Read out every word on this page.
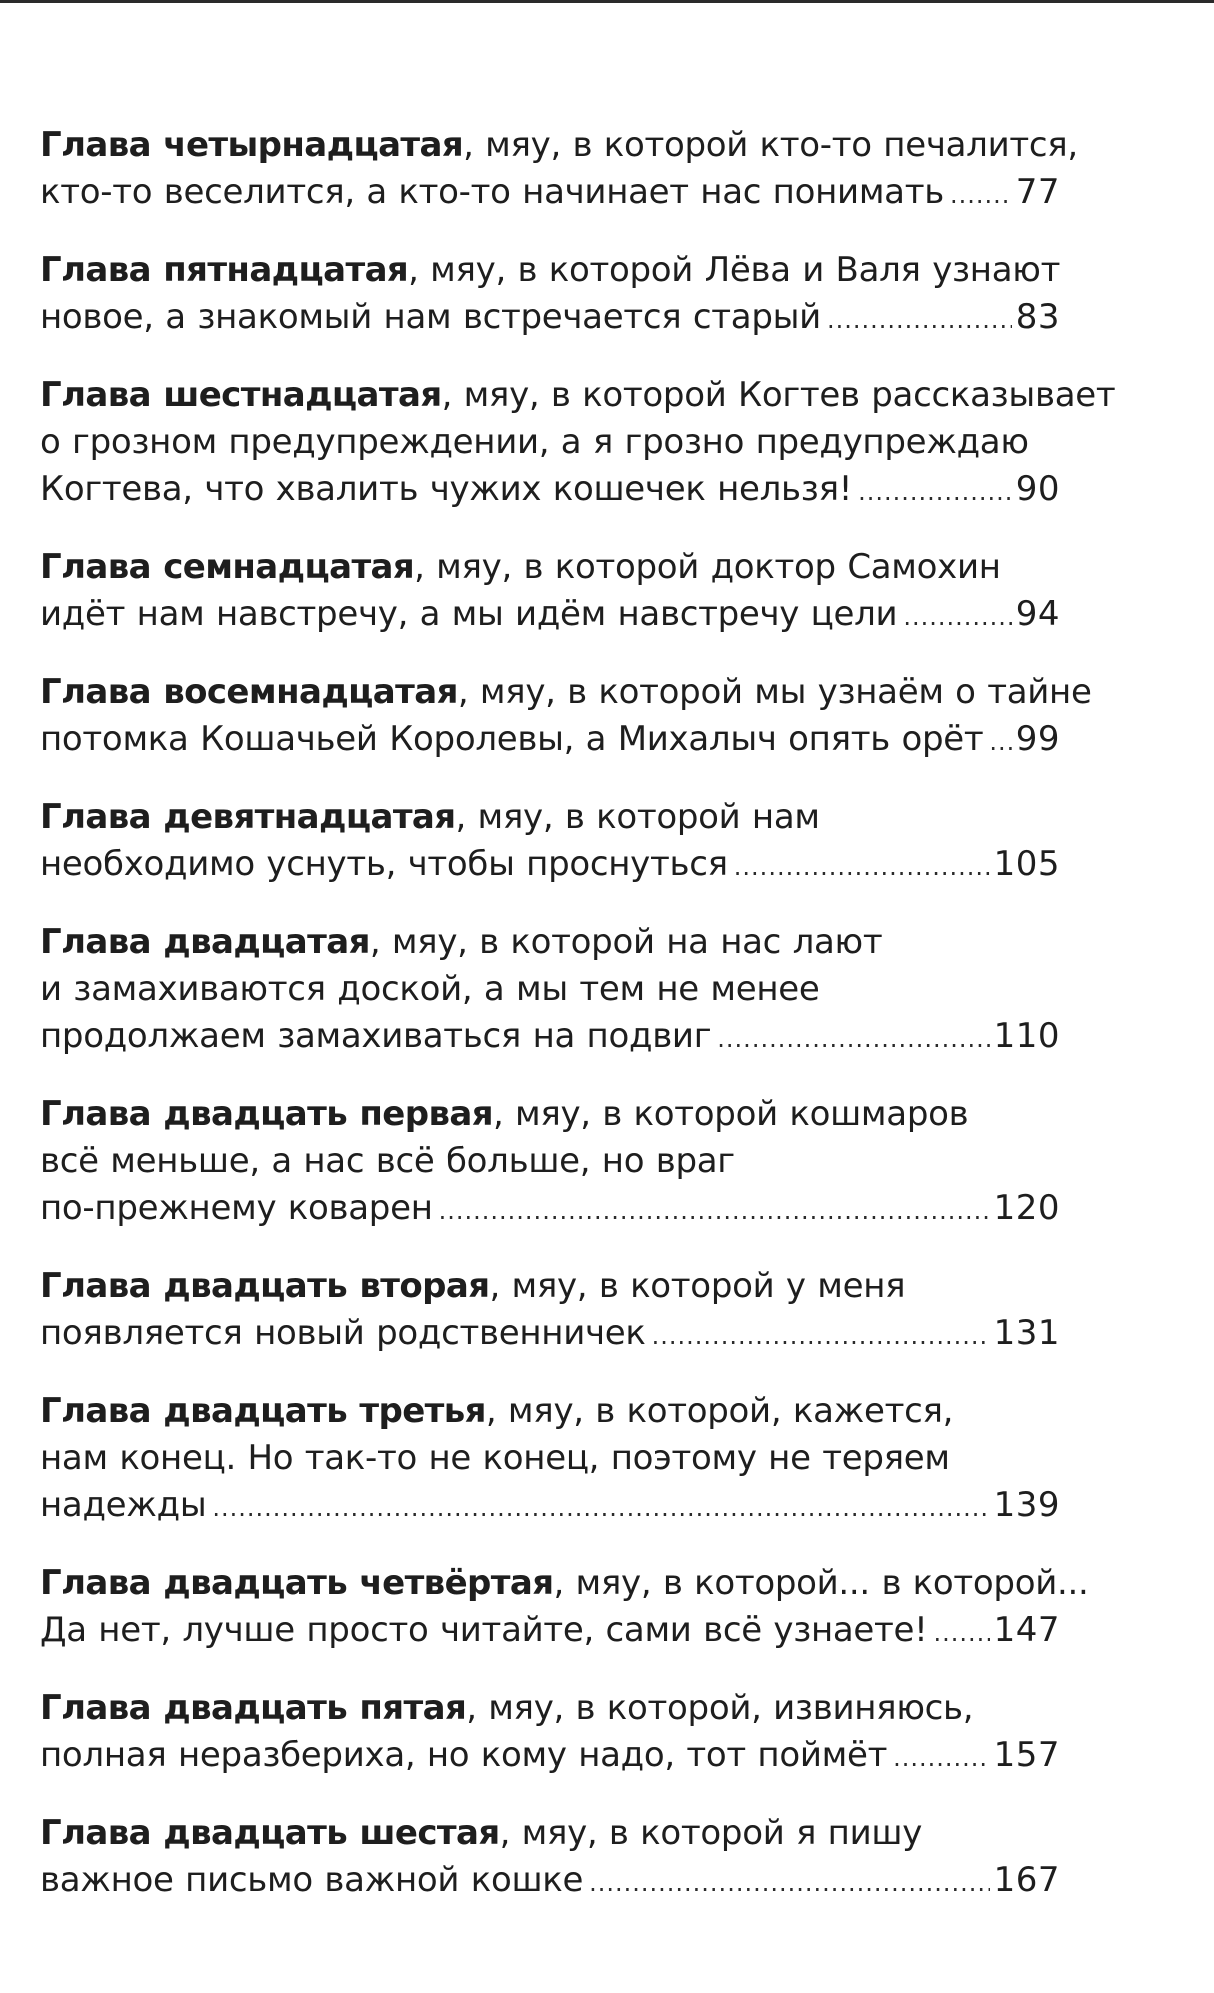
Глава четырнадцатая, мяу, в которой кто-то печалится,
кто-то веселится, а кто-то начинает нас понимать ..... 77
Глава пятнадцатая, мяу, в которой Лёва и Валя узнают
новое, а знакомый нам встречается старый .....	83
Глава шестнадцатая, мяу, в которой Когтев рассказывает
о грозном предупреждении, а я грозно предупреждаю
Когтева, что хвалить чужих кошечек нельзя! .....	90
Глава семнадцатая, мяу, в которой доктор Самохин
идёт нам навстречу, а мы идём навстречу цели .....	94
Глава восемнадцатая, мяу, в которой мы узнаём о тайне
потомка Кошачьей Королевы, а Михалыч опять орёт ..... 99
Глава девятнадцатая, мяу, в которой нам
необходимо уснуть, чтобы проснуться .....	105
Глава двадцатая, мяу, в которой на нас лают
и замахиваются доской, а мы тем не менее
продолжаем замахиваться на подвиг .....	110
Глава двадцать первая, мяу, в которой кошмаров
всё меньше, а нас всё больше, но враг
по-прежнему коварен .....	120
Глава двадцать вторая, мяу, в которой у меня
появляется новый родственничек .....	131
Глава двадцать третья, мяу, в которой, кажется,
нам конец. Но так-то не конец, поэтому не теряем
надежды .....	139
Глава двадцать четвёртая, мяу, в которой... в которой...
Да нет, лучше просто читайте, сами всё узнаете! ..... 147
Глава двадцать пятая, мяу, в которой, извиняюсь,
полная неразбериха, но кому надо, тот поймёт .....	157
Глава двадцать шестая, мяу, в которой я пишу
важное письмо важной кошке .....	167
